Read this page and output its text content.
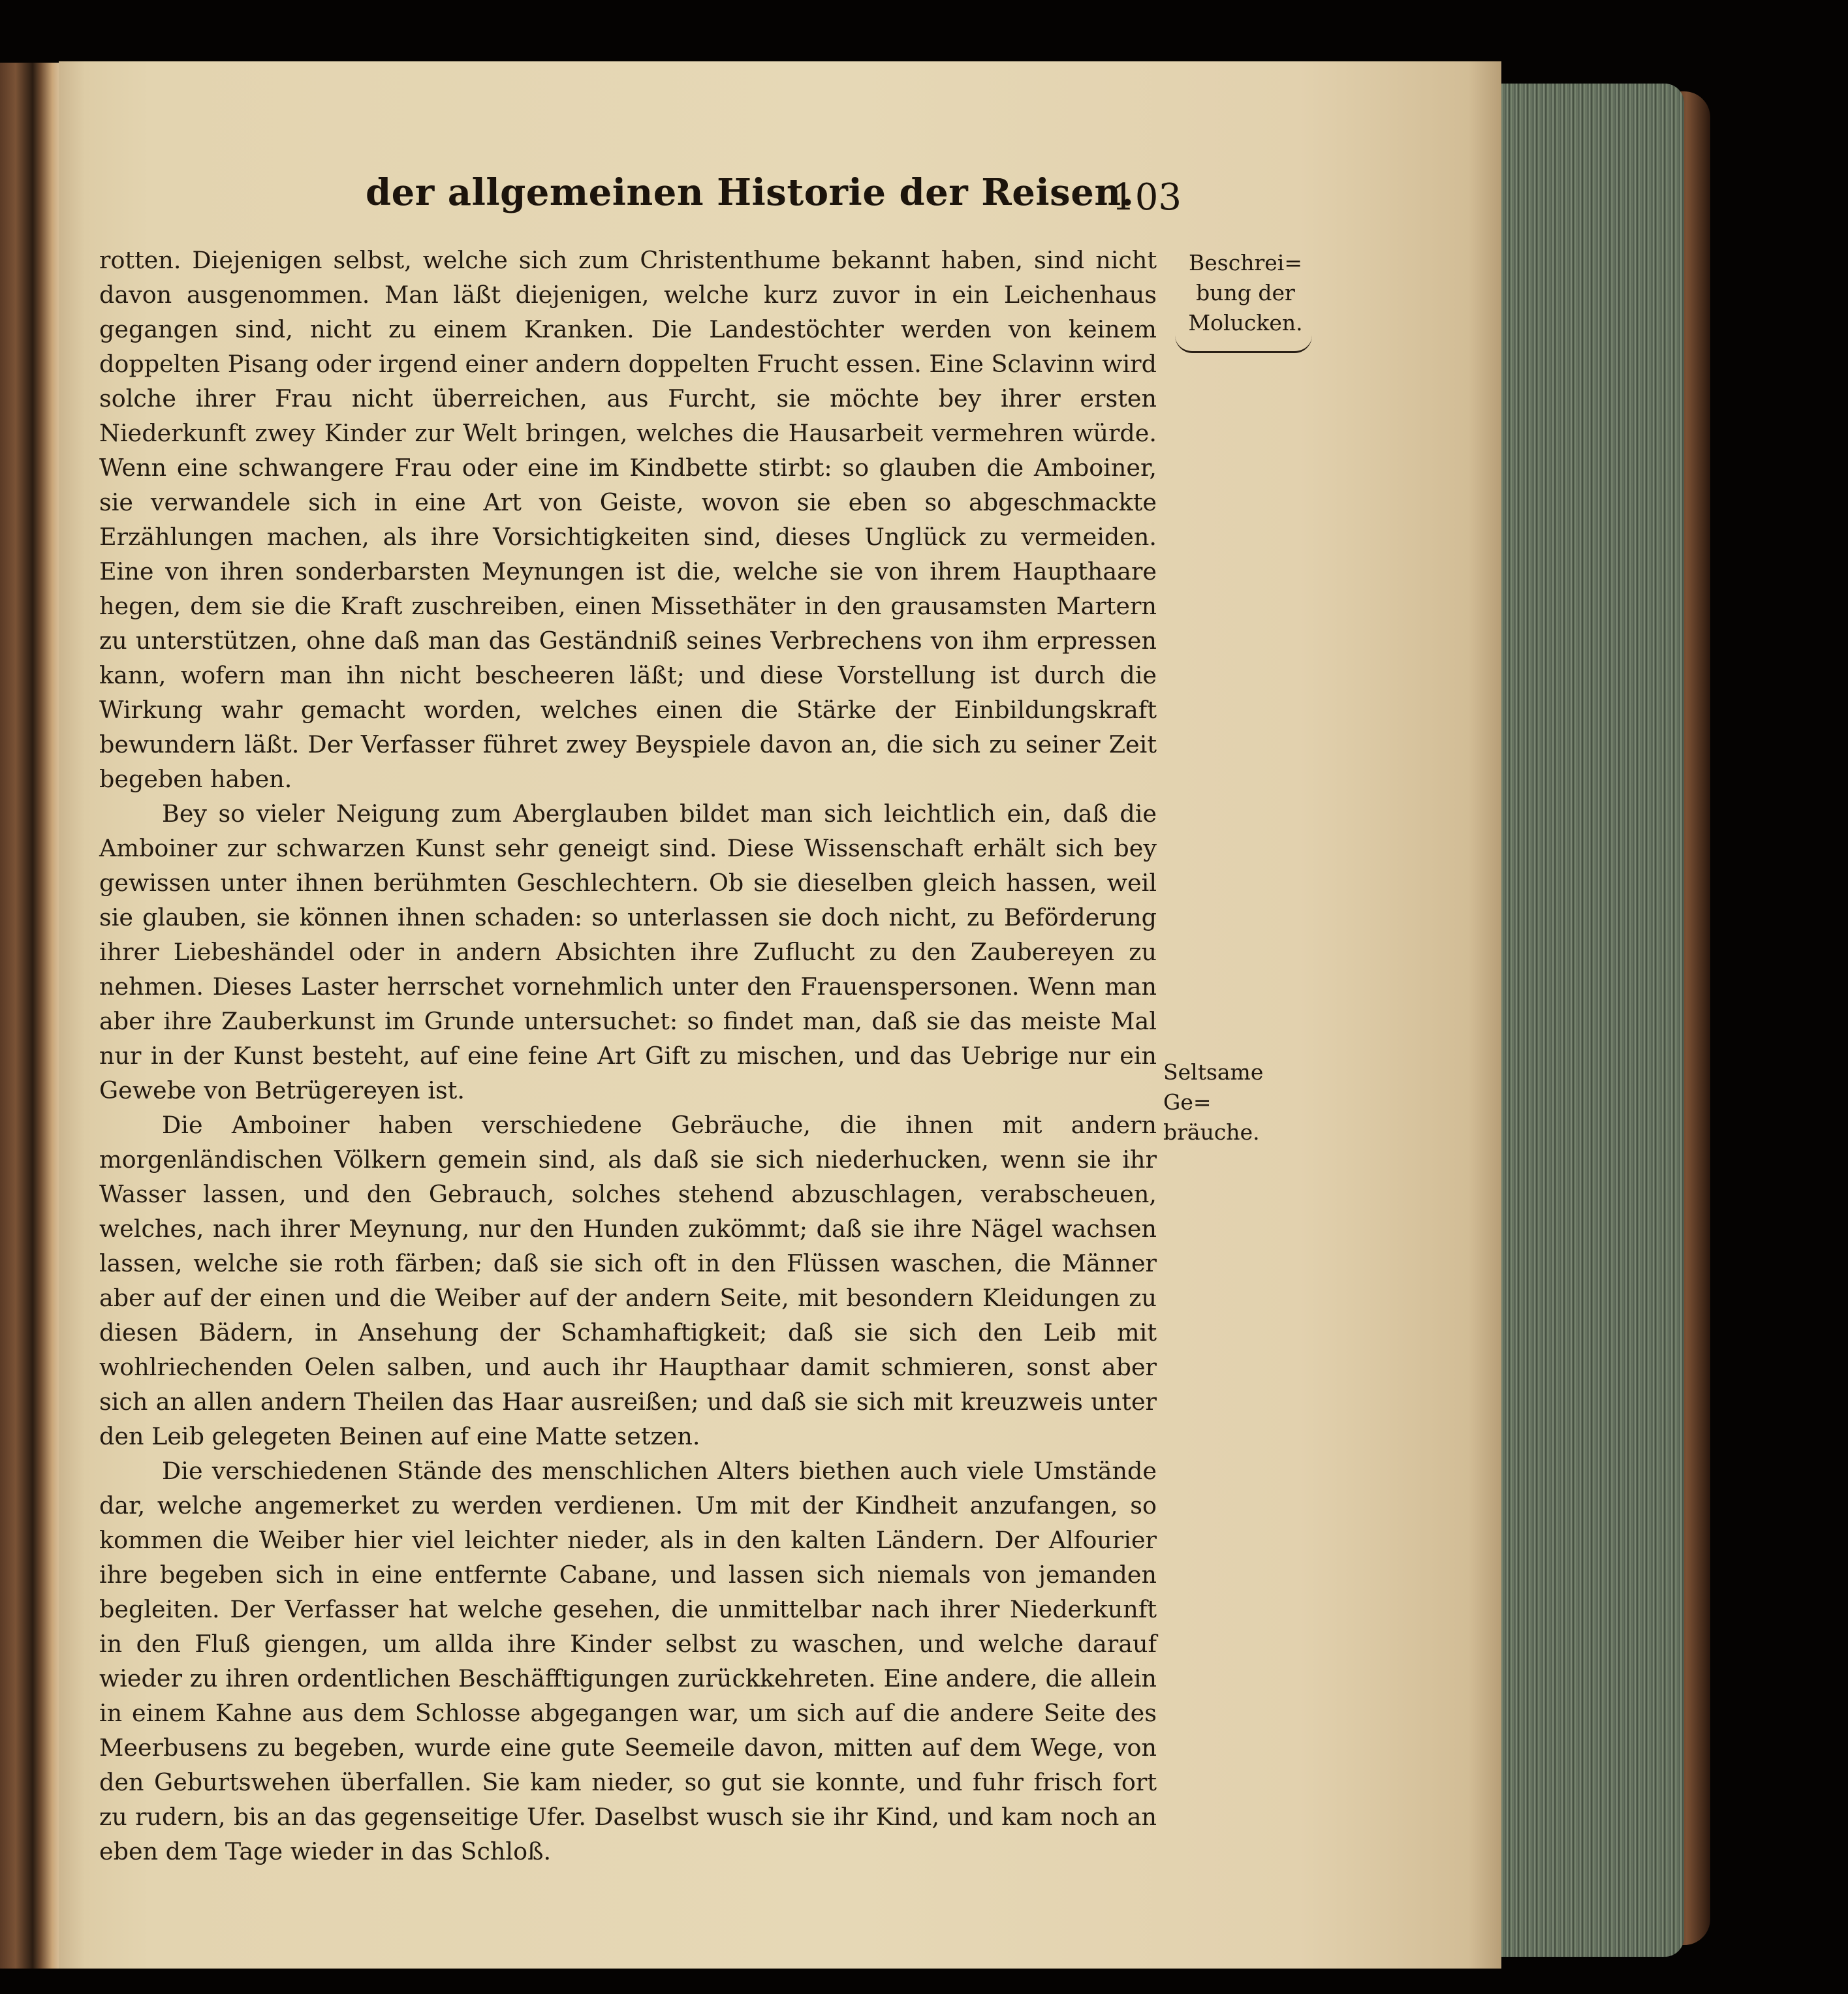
der allgemeinen Historie der Reisen.
103
Beschrei=
bung der
Molucken.
Seltsame Ge=
bräuche.

rotten. Diejenigen selbst, welche sich zum Christenthume bekannt haben, sind nicht davon ausgenommen. Man läßt diejenigen, welche kurz zuvor in ein Leichenhaus gegangen sind, nicht zu einem Kranken. Die Landestöchter werden von keinem doppelten Pisang oder irgend einer andern doppelten Frucht essen. Eine Sclavinn wird solche ihrer Frau nicht überreichen, aus Furcht, sie möchte bey ihrer ersten Niederkunft zwey Kinder zur Welt bringen, welches die Hausarbeit vermehren würde. Wenn eine schwangere Frau oder eine im Kindbette stirbt: so glauben die Amboiner, sie verwandele sich in eine Art von Geiste, wovon sie eben so abgeschmackte Erzählungen machen, als ihre Vorsichtigkeiten sind, dieses Unglück zu vermeiden. Eine von ihren sonderbarsten Meynungen ist die, welche sie von ihrem Haupthaare hegen, dem sie die Kraft zuschreiben, einen Missethäter in den grausamsten Martern zu unterstützen, ohne daß man das Geständniß seines Verbrechens von ihm erpressen kann, wofern man ihn nicht bescheeren läßt; und diese Vorstellung ist durch die Wirkung wahr gemacht worden, welches einen die Stärke der Einbildungskraft bewundern läßt. Der Verfasser führet zwey Beyspiele davon an, die sich zu seiner Zeit begeben haben.

Bey so vieler Neigung zum Aberglauben bildet man sich leichtlich ein, daß die Amboiner zur schwarzen Kunst sehr geneigt sind. Diese Wissenschaft erhält sich bey gewissen unter ihnen berühmten Geschlechtern. Ob sie dieselben gleich hassen, weil sie glauben, sie können ihnen schaden: so unterlassen sie doch nicht, zu Beförderung ihrer Liebeshändel oder in andern Absichten ihre Zuflucht zu den Zaubereyen zu nehmen. Dieses Laster herrschet vornehmlich unter den Frauenspersonen. Wenn man aber ihre Zauberkunst im Grunde untersuchet: so findet man, daß sie das meiste Mal nur in der Kunst besteht, auf eine feine Art Gift zu mischen, und das Uebrige nur ein Gewebe von Betrügereyen ist.

Die Amboiner haben verschiedene Gebräuche, die ihnen mit andern morgenländischen Völkern gemein sind, als daß sie sich niederhucken, wenn sie ihr Wasser lassen, und den Gebrauch, solches stehend abzuschlagen, verabscheuen, welches, nach ihrer Meynung, nur den Hunden zukömmt; daß sie ihre Nägel wachsen lassen, welche sie roth färben; daß sie sich oft in den Flüssen waschen, die Männer aber auf der einen und die Weiber auf der andern Seite, mit besondern Kleidungen zu diesen Bädern, in Ansehung der Schamhaftigkeit; daß sie sich den Leib mit wohlriechenden Oelen salben, und auch ihr Haupthaar damit schmieren, sonst aber sich an allen andern Theilen das Haar ausreißen; und daß sie sich mit kreuzweis unter den Leib gelegeten Beinen auf eine Matte setzen.

Die verschiedenen Stände des menschlichen Alters biethen auch viele Umstände dar, welche angemerket zu werden verdienen. Um mit der Kindheit anzufangen, so kommen die Weiber hier viel leichter nieder, als in den kalten Ländern. Der Alfourier ihre begeben sich in eine entfernte Cabane, und lassen sich niemals von jemanden begleiten. Der Verfasser hat welche gesehen, die unmittelbar nach ihrer Niederkunft in den Fluß giengen, um allda ihre Kinder selbst zu waschen, und welche darauf wieder zu ihren ordentlichen Beschäfftigungen zurückkehreten. Eine andere, die allein in einem Kahne aus dem Schlosse abgegangen war, um sich auf die andere Seite des Meerbusens zu begeben, wurde eine gute Seemeile davon, mitten auf dem Wege, von den Geburtswehen überfallen. Sie kam nieder, so gut sie konnte, und fuhr frisch fort zu rudern, bis an das gegenseitige Ufer. Daselbst wusch sie ihr Kind, und kam noch an eben dem Tage wieder in das Schloß.
